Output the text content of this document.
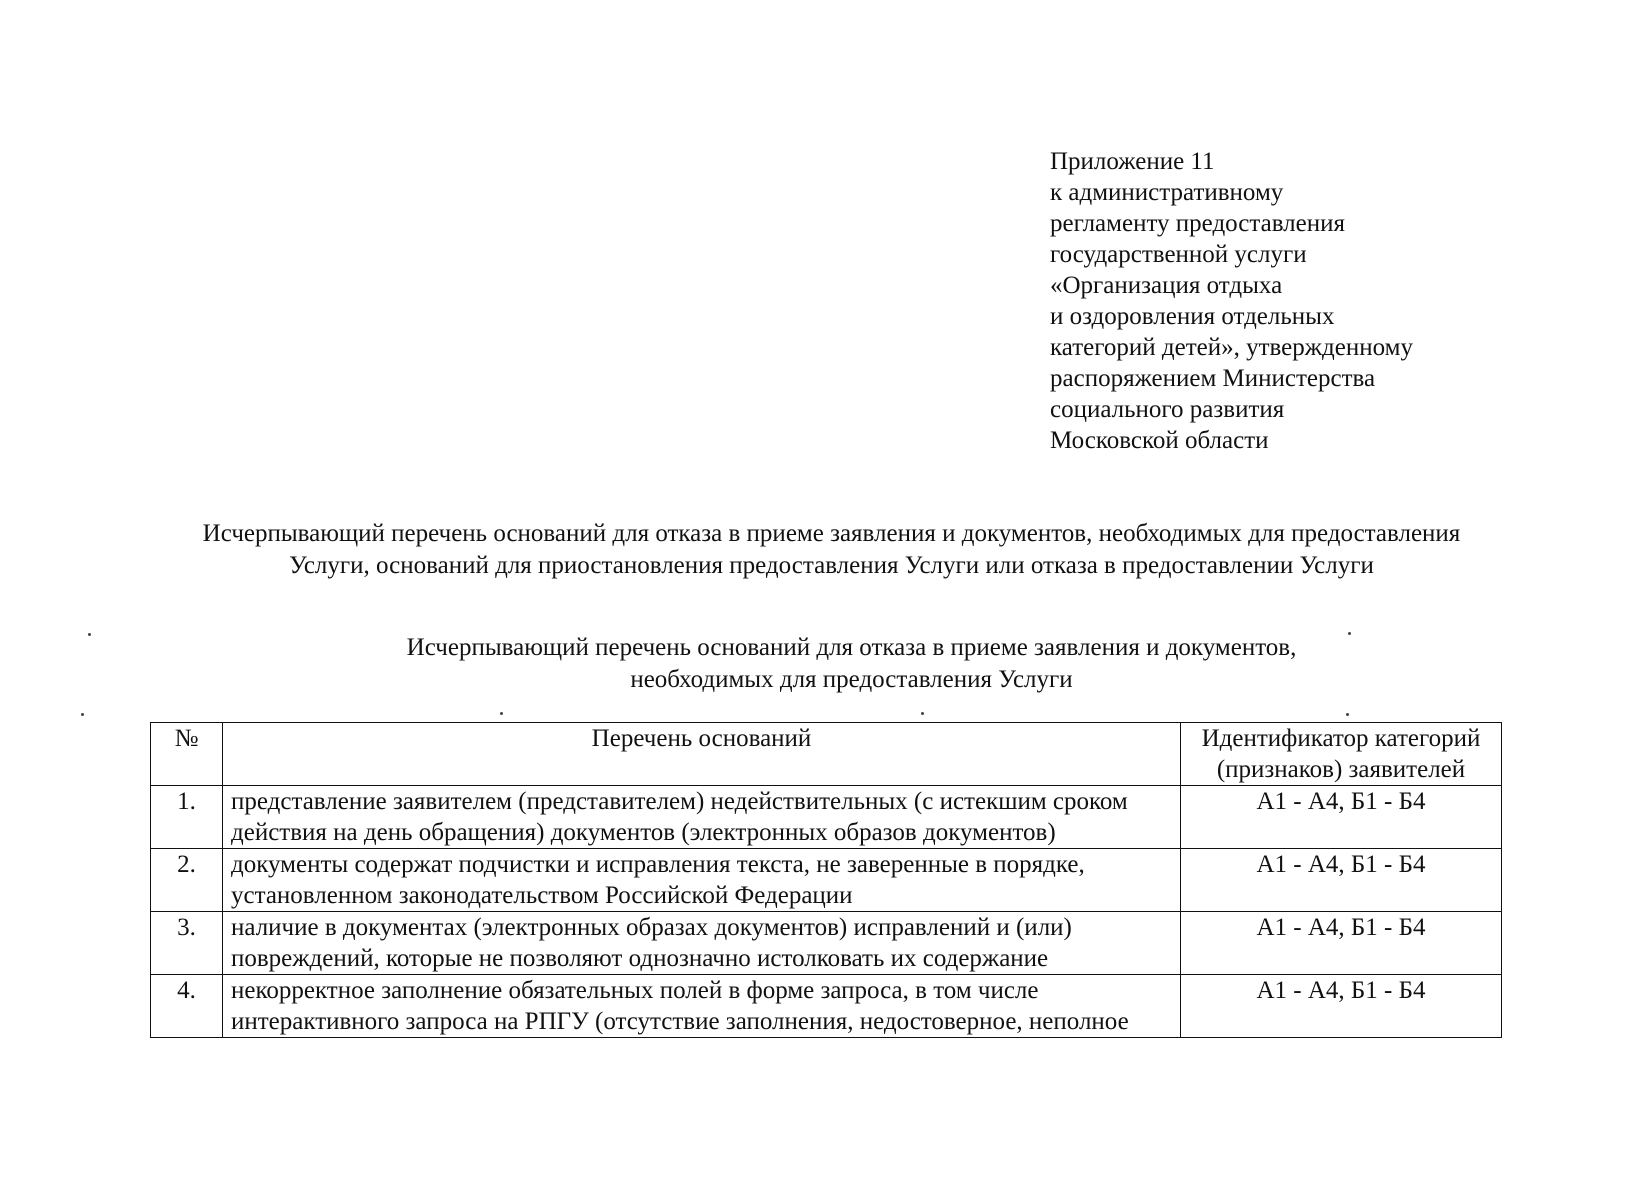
Приложение 11
к административному
регламенту предоставления
государственной услуги
«Организация отдыха
и оздоровления отдельных
категорий детей», утвержденному
распоряжением Министерства
социального развития
Московской области
Исчерпывающий перечень оснований для отказа в приеме заявления и документов, необходимых для предоставления
Услуги, оснований для приостановления предоставления Услуги или отказа в предоставлении Услуги
Исчерпывающий перечень оснований для отказа в приеме заявления и документов,
необходимых для предоставления Услуги
№	Перечень оснований	Идентификатор категорий
(признаков) заявителей

1.	представление заявителем (представителем) недействительных (с истекшим сроком
действия на день обращения) документов (электронных образов документов)	А1 - А4, Б1 - Б4
2.	документы содержат подчистки и исправления текста, не заверенные в порядке,
установленном законодательством Российской Федерации	А1 - А4, Б1 - Б4
3.	наличие в документах (электронных образах документов) исправлений и (или)
повреждений, которые не позволяют однозначно истолковать их содержание	А1 - А4, Б1 - Б4
4.	некорректное заполнение обязательных полей в форме запроса, в том числе
интерактивного запроса на РПГУ (отсутствие заполнения, недостоверное, неполное	А1 - А4, Б1 - Б4
